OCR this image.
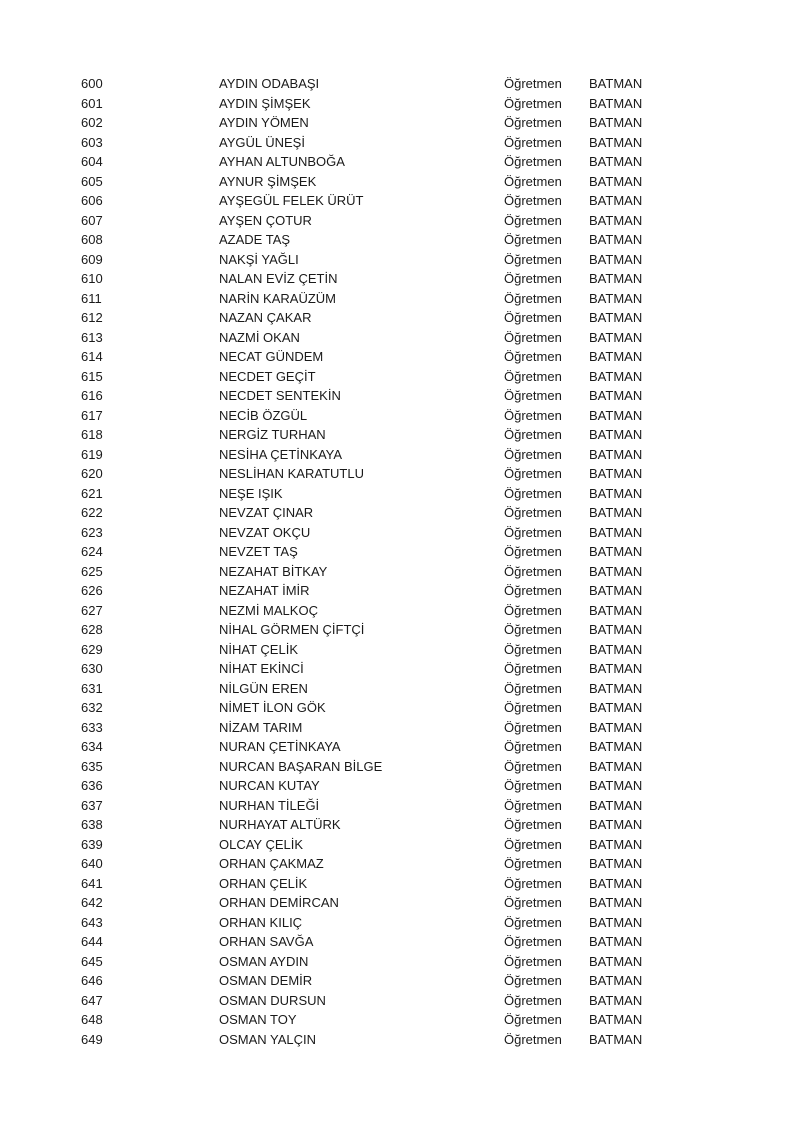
600	AYDIN ODABAŞI	Öğretmen BATMAN
601	AYDIN ŞİMŞEK	Öğretmen BATMAN
602	AYDIN YÖMEN	Öğretmen BATMAN
603	AYGÜL ÜNEŞİ	Öğretmen BATMAN
604	AYHAN ALTUNBOĞA	Öğretmen BATMAN
605	AYNUR ŞİMŞEK	Öğretmen BATMAN
606	AYŞEGÜL FELEK ÜRÜT	Öğretmen BATMAN
607	AYŞEN ÇOTUR	Öğretmen BATMAN
608	AZADE TAŞ	Öğretmen BATMAN
609	NAKŞİ YAĞLI	Öğretmen BATMAN
610	NALAN EVİZ ÇETİN	Öğretmen BATMAN
611	NARİN KARAÜZÜM	Öğretmen BATMAN
612	NAZAN ÇAKAR	Öğretmen BATMAN
613	NAZMİ OKAN	Öğretmen BATMAN
614	NECAT GÜNDEM	Öğretmen BATMAN
615	NECDET GEÇİT	Öğretmen BATMAN
616	NECDET SENTEKİN	Öğretmen BATMAN
617	NECİB ÖZGÜL	Öğretmen BATMAN
618	NERGİZ TURHAN	Öğretmen BATMAN
619	NESİHA ÇETİNKAYA	Öğretmen BATMAN
620	NESLİHAN KARATUTLU	Öğretmen BATMAN
621	NEŞE IŞIK	Öğretmen BATMAN
622	NEVZAT ÇINAR	Öğretmen BATMAN
623	NEVZAT OKÇU	Öğretmen BATMAN
624	NEVZET TAŞ	Öğretmen BATMAN
625	NEZAHAT BİTKAY	Öğretmen BATMAN
626	NEZAHAT İMİR	Öğretmen BATMAN
627	NEZMİ MALKOÇ	Öğretmen BATMAN
628	NİHAL GÖRMEN ÇİFTÇİ	Öğretmen BATMAN
629	NİHAT ÇELİK	Öğretmen BATMAN
630	NİHAT EKİNCİ	Öğretmen BATMAN
631	NİLGÜN EREN	Öğretmen BATMAN
632	NİMET İLON GÖK	Öğretmen BATMAN
633	NİZAM TARIM	Öğretmen BATMAN
634	NURAN ÇETİNKAYA	Öğretmen BATMAN
635	NURCAN BAŞARAN BİLGE	Öğretmen BATMAN
636	NURCAN KUTAY	Öğretmen BATMAN
637	NURHAN TİLEĞİ	Öğretmen BATMAN
638	NURHAYAT ALTÜRK	Öğretmen BATMAN
639	OLCAY ÇELİK	Öğretmen BATMAN
640	ORHAN ÇAKMAZ	Öğretmen BATMAN
641	ORHAN ÇELİK	Öğretmen BATMAN
642	ORHAN DEMİRCAN	Öğretmen BATMAN
643	ORHAN KILIÇ	Öğretmen BATMAN
644	ORHAN SAVĞA	Öğretmen BATMAN
645	OSMAN AYDIN	Öğretmen BATMAN
646	OSMAN DEMİR	Öğretmen BATMAN
647	OSMAN DURSUN	Öğretmen BATMAN
648	OSMAN TOY	Öğretmen BATMAN
649	OSMAN YALÇIN	Öğretmen BATMAN
